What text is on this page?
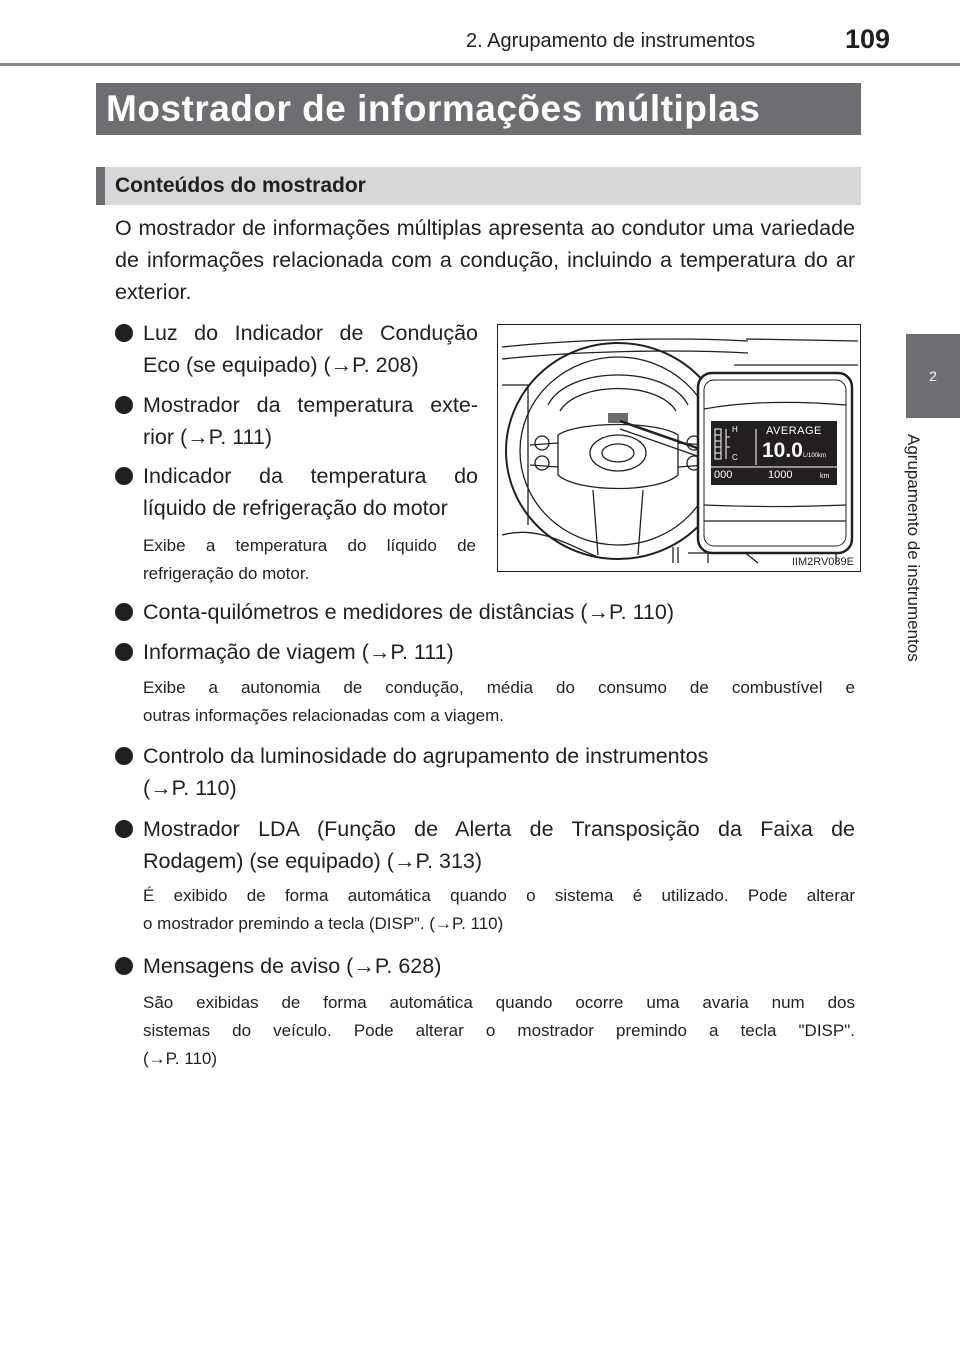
2. Agrupamento de instrumentos	109
2
Agrupamento de instrumentos
Mostrador de informações múltiplas
Conteúdos do mostrador
O mostrador de informações múltiplas apresenta ao condutor uma variedade de informações relacionada com a condução, incluindo a temperatura do ar exterior.
Luz do Indicador de Condução
Eco (se equipado) (→P. 208)
Mostrador da temperatura exte-
rior (→P. 111)
Indicador da temperatura do
líquido de refrigeração do motor
Exibe a temperatura do líquido de
refrigeração do motor.
Conta-quilómetros e medidores de distâncias (→P. 110)
Informação de viagem (→P. 111)
Exibe a autonomia de condução, média do consumo de combustível e
outras informações relacionadas com a viagem.
Controlo da luminosidade do agrupamento de instrumentos
(→P. 110)
Mostrador LDA (Função de Alerta de Transposição da Faixa de
Rodagem) (se equipado) (→P. 313)
É exibido de forma automática quando o sistema é utilizado. Pode alterar
o mostrador premindo a tecla (DISP”. (→P. 110)
Mensagens de aviso (→P. 628)
São exibidas de forma automática quando ocorre uma avaria num dos
sistemas do veículo. Pode alterar o mostrador premindo a tecla "DISP".
(→P. 110)
H
C
AVERAGE
10.0 L/100km
000	1000	km
IIM2RV039E
